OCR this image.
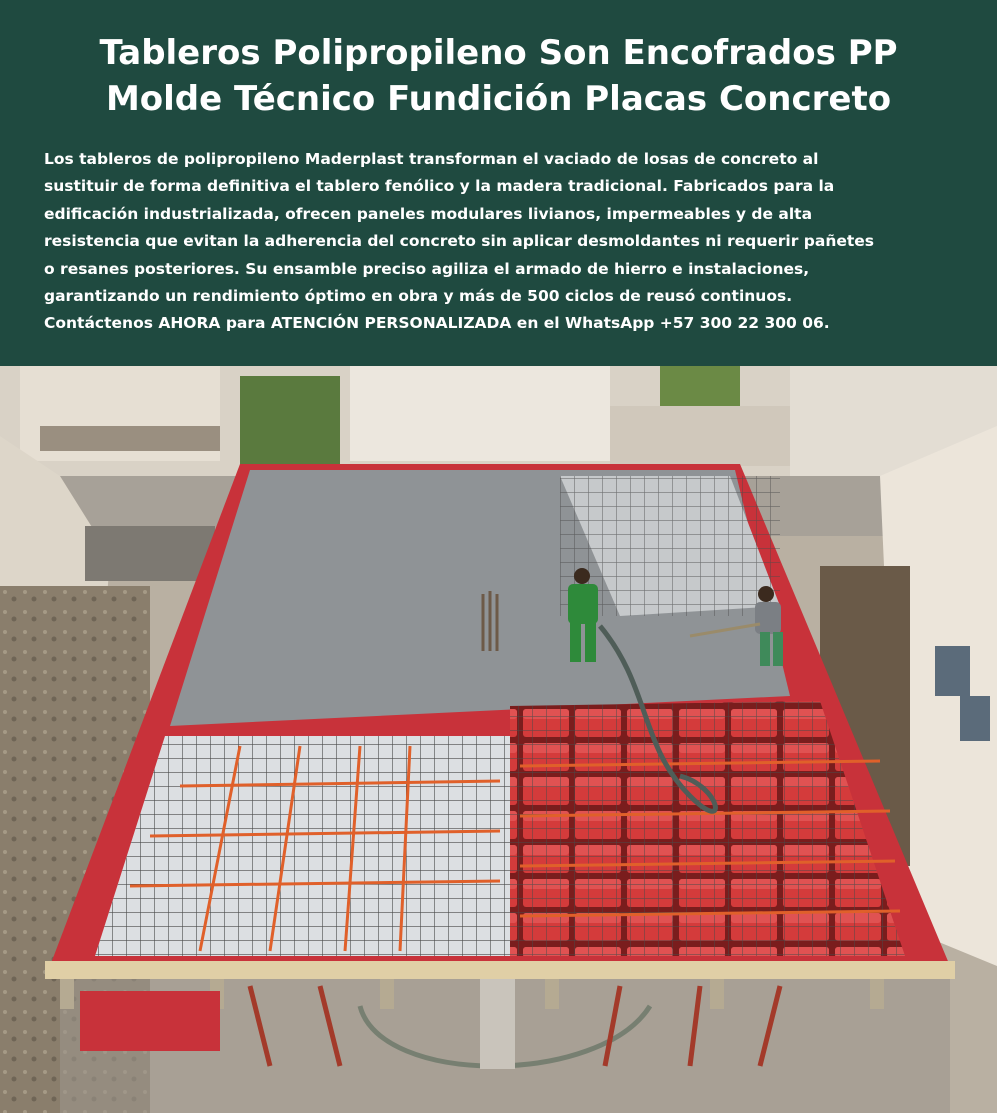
Tableros Polipropileno Son Encofrados PP
Molde Técnico Fundición Placas Concreto

Los tableros de polipropileno Maderplast transforman el vaciado de losas de concreto al
sustituir de forma definitiva el tablero fenólico y la madera tradicional. Fabricados para la
edificación industrializada, ofrecen paneles modulares livianos, impermeables y de alta
resistencia que evitan la adherencia del concreto sin aplicar desmoldantes ni requerir pañetes
o resanes posteriores. Su ensamble preciso agiliza el armado de hierro e instalaciones,
garantizando un rendimiento óptimo en obra y más de 500 ciclos de reusó continuos.
Contáctenos AHORA para ATENCIÓN PERSONALIZADA en el WhatsApp +57 300 22 300 06.
